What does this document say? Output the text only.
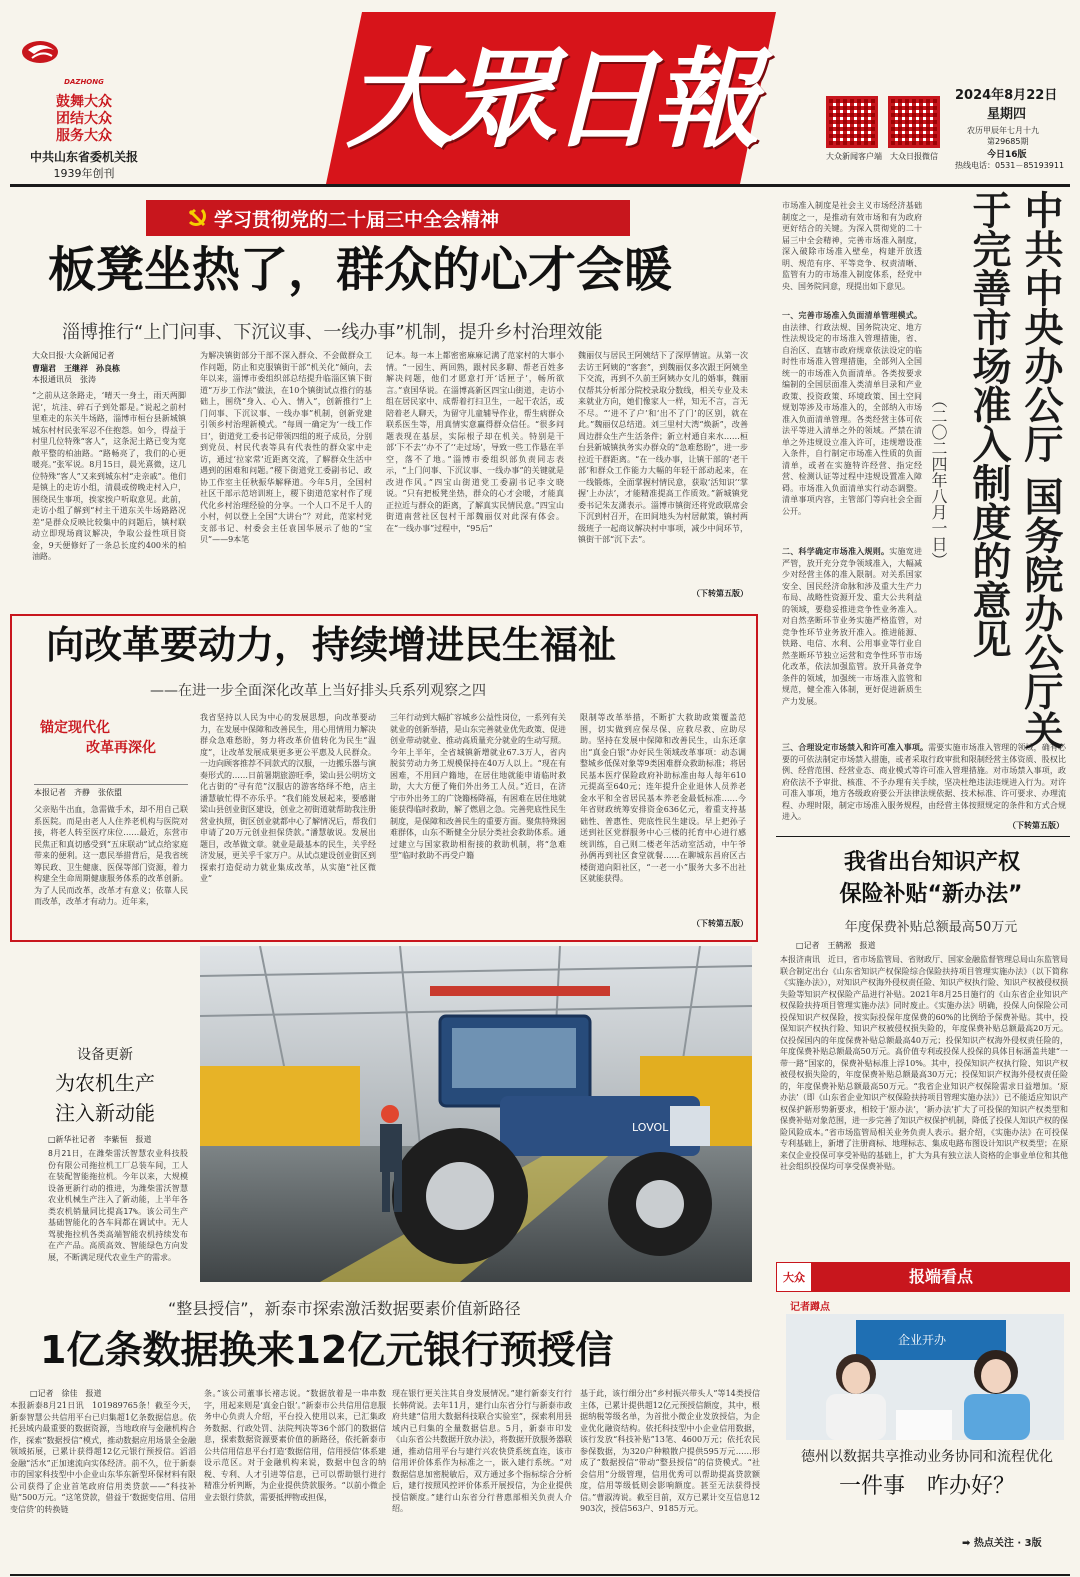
DAZHONG
鼓舞大众
团结大众
服务大众
中共山东省委机关报
1939年创刊
大眾日報	大众新闻客户端 大众日报微信
2024年8月22日
星期四
农历甲辰年七月十九
第29685期
今日16版
热线电话：0531－85193911
学习贯彻党的二十届三中全会精神
板凳坐热了，群众的心才会暖
淄博推行“上门问事、下沉议事、一线办事”机制，提升乡村治理效能
大众日报·大众新闻记者
曹瑞君　王继祥　孙良栋
本报通讯员　张涛
“之前从这条路走，‘晴天一身土，雨天两脚泥’，坑洼、碎石子到处都是。”说起之前村里难走的东关牛场路，淄博市桓台县新城镇城东村村民张军忍不住抱怨。如今，得益于村里几位特殊“客人”，这条泥土路已变为宽敞平整的柏油路。“路畅亮了，我们的心更暖亮。”张军说。8月15日，晨光熹微，这几位特殊“客人”又来到城东村“走亲戚”。他们是镇上的走访小组，清晨或傍晚走村入户，围绕民生事项，挨家挨户听取意见。此前，走访小组了解到“村主干道东关牛场路路况差”是群众反映比较集中的问题后，镇村联动立即现场商议解决，争取公益性项目资金，9天便修好了一条总长度约400米的柏油路。
为解决镇街部分干部不深入群众、不会做群众工作问题，防止和克服镇街干部“机关化”倾向，去年以来，淄博市委组织部总结提升临淄区镇下街道“万步工作法”做法，在10个镇街试点推行的基础上，围绕“身入、心入、情入”，创新推行“上门问事、下沉议事、一线办事”机制，创新党建引领乡村治理新模式。“每周一确定为‘一线工作日’，街道党工委书记带领四组的班子成员，分别到党员、村民代表等具有代表性的群众家中走访，通过‘拉家常’近距离交流，了解群众生活中遇到的困难和问题。”稷下街道党工委副书记、政协工作室主任秋振华解释道。今年5月，全国村社区干部示范培训班上，稷下街道范家村作了现代化乡村治理经验的分享。一个人口不足千人的小村，何以登上全国“大讲台”？对此，范家村党支部书记、村委会主任袁国华展示了他的“宝贝”——9本笔
记本。每一本上都密密麻麻记满了范家村的大事小情。“一园生、两回熟，跟村民多聊、帮老百姓多解决问题，他们才愿意打开‘话匣子’，畅所欲言。”袁国华说。在淄博高新区四宝山街道，走访小组在居民家中、成帮着打扫卫生，一起干农活，或陪着老人聊天，为留守儿童辅导作业，帮生病群众联系医生等，用真情实意赢得群众信任。“很多问题表现在基层，实际根子却在机关。特别是干部‘下不去’‘办不了’‘走过场’，导致一些工作悬在半空，落不了地。”淄博市委组织部负责同志表示，“上门问事、下沉议事、一线办事”的关键就是改进作风。”四宝山街道党工委副书记李文晓说。“只有把板凳坐热，群众的心才会暖，才能真正拉近与群众的距离，了解真实民情民意。”四宝山街道南营社区包村干部魏丽仅对此深有体会。在“一线办事”过程中，“95后”
魏丽仅与居民王阿姨结下了深厚情谊。从第一次去访王阿姨的“客套”，到魏丽仅多次跟王阿姨坐下交流，再到不久前王阿姨办女儿的婚事，魏丽仅帮其分析部分院校录取分数线，相关专业及未来就业方向，她们像家人一样，知无不言，言无不尽。“‘进不了户’和‘出不了门’的区别，就在此。”魏丽仅总结道。刘三里村大湾“焕新”，改善周边群众生产生活条件；新立村通自来水……桓台县新城镇执务实办群众的“急难愁盼”，进一步拉近干群距离。“在一线办事，让镇干部的‘老干部’和群众工作能力大幅的年轻干部动起来，在一线锻炼，全面掌握村情民意，获取‘活知识’‘掌握’上办法’，才能精准提高工作质效。”新城镇党委书记朱友潇表示。淄博市镇街还将党政联席会下沉到村召开，在田间地头为村居献策，镇村两级班子一起商议解决村中事项，减少中间环节，镇街干部“沉下去”。
（下转第五版）
市场准入制度是社会主义市场经济基础制度之一，是推动有效市场和有为政府更好结合的关键。为深入贯彻党的二十届三中全会精神，完善市场准入制度，深入破除市场准入壁垒，构建开放透明、规范有序、平等竞争、权责清晰、监管有力的市场准入制度体系，经党中央、国务院同意，现提出如下意见。
一、完善市场准入负面清单管理模式。由法律、行政法规、国务院决定、地方性法规设定的市场准入管理措施，省、自治区、直辖市政府规章依法设定的临时性市场准入管理措施，全部列入全国统一的市场准入负面清单。各类按要求编制的全国层面准入类清单目录和产业政策、投资政策、环境政策、国土空间规划等涉及市场准入的，全部纳入市场准入负面清单管理。各类经营主体可依法平等进入清单之外的领域。严禁在清单之外违规设立准入许可，违规增设准入条件，自行制定市场准入性质的负面清单，或者在实施特许经营、指定经营、检测认证等过程中违规设置准入障碍。市场准入负面清单实行动态调整。清单事项内容，主管部门等向社会全面公开。
二、科学确定市场准入规则。实施宽进严管，放开充分竞争领域准入，大幅减少对经营主体的准入限制。对关系国家安全、国民经济命脉和涉及重大生产力布局、战略性资源开发、重大公共利益的领域，要稳妥推进竞争性业务准入。对自然垄断环节业务实施严格监管，对竞争性环节业务放开准入。推进能源、铁路、电信、水利、公用事业等行业自然垄断环节独立运营和竞争性环节市场化改革，依法加强监管。放开具备竞争条件的领域，加强统一市场准入监管和规范，健全准入体制，更好促进新质生产力发展。
三、合理设定市场禁入和许可准入事项。需要实施市场准入管理的领域，确有必要的可依法制定市场禁入措施，或者采取行政审批和限制经营主体资质、股权比例、经营范围、经营业态、商业模式等许可准入管理措施。对市场禁入事项，政府依法不予审批、核准、不予办理有关手续，坚决杜绝违法违规进入行为。对许可准入事项，地方各级政府要公开法律法规依据、技术标准、许可要求、办理流程、办理时限，制定市场准入服务规程，由经营主体按照规定的条件和方式合规进入。
（下转第五版）
中共中央办公厅 国务院办公厅关于完善市场准入制度的意见
（二〇二四年八月一日）
向改革要动力，持续增进民生福祉
——在进一步全面深化改革上当好排头兵系列观察之四
锚定现代化
改革再深化
本报记者　齐静　张依盟
父亲贴牛出血，急需做手术，却不用自己联系医院。而是由老人人住养老机构与医院对接，将老人转至医疗床位……最近，东营市民焦正和真切感受到“五床联动”试点给家庭带来的便利。这一惠民举措背后，是我省统筹民政、卫生健康、医保等部门资源，着力构建全生命周期健康服务体系的改革创新。为了人民而改革，改革才有意义；依靠人民而改革，改革才有动力。近年来，
我省坚持以人民为中心的发展思想，向改革要动力，在发展中保障和改善民生，用心用情用力解决群众急难愁盼，努力将改革价值转化为民生“温度”，让改革发展成果更多更公平惠及人民群众。一边向顾客推荐不同款式的汉服，一边搬乐器与演奏形式的……日前暑期旅游旺季，梁山县公明坊文化古街的“寻有范”汉服店的游客络绎不绝，店主潘慧敏忙得不亦乐乎。“我们能发展起来，要感谢梁山县创业街区建设，创业之初街道就帮助我注册营业执照，街区创业就都中心了解情况后，帮我们申请了20万元创业担保贷款。”潘慧敏说。发展出题目，改革做文章。就业是最基本的民生，关乎经济发展，更关乎千家万户。从试点建设创业街区到探索打造促动力就业集成改革，从实施“社区微业”
三年行动到大幅扩容城乡公益性岗位，一系列有关就业的创新举措，是山东完善就业优先政策、促进创业带动就业、推动高质量充分就业的生动写照。今年上半年，全省城镇新增就业67.3万人，省内脱贫劳动力务工规模保持在40万人以上。“现在有困难，不用回户籍地，在居住地就能申请临时救助，大大方便了俺们外出务工人员。”近日，在济宁市外出务工的广饶籍杨降福，有困难在居住地就能获得临时救助，解了燃眉之急。完善兜底性民生制度，是保障和改善民生的重要方面。聚焦特殊困难群体，山东不断健全分层分类社会救助体系。通过建立与国家救助相衔接的救助机制，将“急难型”临时救助不再受户籍
限制等改革举措，不断扩大救助政策覆盖范围，切实做到应保尽保、应救尽救、应助尽助。坚持在发展中保障和改善民生，山东还拿出“真金白银”办好民生领域改革事项：动态调整城乡低保对象等9类困难群众救助标准；将居民基本医疗保险政府补助标准由每人每年610元提高至640元；连年提升企业退休人员养老金水平和全省居民基本养老金最低标准……今年省财政统筹安排资金636亿元，着重支持基础性、普惠性、兜底性民生建设。早上把孙子送到社区党群服务中心三楼的托育中心进行感统训练，自己则二楼老年活动室活动，中午爷孙俩再到社区食堂就餐……在聊城东昌府区古楼街道向阳社区，“一老一小”服务大多不出社区就能获得。
（下转第五版）
我省出台知识产权
保险补贴“新办法”
年度保费补贴总额最高50万元
□记者　王鹤淞　报道
本报济南讯　近日，省市场监管局、省财政厅、国家金融监督管理总局山东监管局联合制定出台《山东省知识产权保险综合保险扶持项目管理实施办法》（以下简称《实施办法》），对知识产权海外侵权责任险、知识产权执行险、知识产权被侵权损失险等知识产权保险产品进行补贴。2021年8月25日施行的《山东省企业知识产权保险扶持项目管理实施办法》同时废止。《实施办法》明确，投保人向保险公司投保知识产权保险，按实际投保年度保费的60%的比例给予保费补贴。其中，投保知识产权执行险、知识产权被侵权损失险的，年度保费补贴总额最高20万元。仅投保国内的年度保费补贴总额最高40万元；投保知识产权海外侵权责任险的，年度保费补贴总额最高50万元。高价值专利或投保人投保的具体目标涵盖共建“一带一路”国家的，保费补贴标准上浮10%。其中，投保知识产权执行险、知识产权被侵权损失险的，年度保费补贴总额最高30万元；投保知识产权海外侵权责任险的，年度保费补贴总额最高50万元。“我省企业知识产权保险需求日益增加。‘原办法’（即《山东省企业知识产权保险扶持项目管理实施办法》）已不能适应知识产权保护新形势新要求，相较于‘原办法’，‘新办法’扩大了可投保的知识产权类型和保费补贴对象范围，进一步完善了知识产权保护机制，降低了投保人知识产权的保险风险成本。”省市场监管局相关业务负责人表示。据介绍，《实施办法》在可投保专利基础上，新增了注册商标、地理标志、集成电路布图设计知识产权类型；在原来仅企业投保可享受补贴的基础上，扩大为具有独立法人资格的企事业单位和其他社会组织投保均可享受保费补贴。
设备更新
为农机生产
注入新动能
□新华社记者　李紫恒　报道
8月21日，在潍柴雷沃智慧农业科技股份有限公司拖拉机工厂总装车间，工人在装配智能拖拉机。今年以来，大规模设备更新行动的推进，为潍柴雷沃智慧农业机械生产注入了新动能，上半年各类农机销量同比提高17%。该公司生产基础智能化的各车间都在调试中。无人驾驶拖拉机各类高端智能农机持续发布在产产品。高质高效、智能绿色方向发展，不断满足现代农业生产的需求。
LOVOL
“整县授信”，新泰市探索激活数据要素价值新路径
1亿条数据换来12亿元银行预授信
□记者　徐佳　报道
本报新泰8月21日讯　101989765条！截至今天，新泰智慧公共信用平台已归集超1亿条数据信息。依托县域内最重要的数据资源，当地政府与金融机构合作，探索“数据授信”模式，推动数据应用场景全金融领域拓展，已累计获得超12亿元银行预授信。滔滔金融“活水”正加速流向实体经济。前不久，位于新泰市的国家科技型中小企业山东华东新型环保材料有限公司获得了企业首笔政府信用类贷款——“科技补贴”500万元。“这笔贷款，借益于‘数据变信用、信用变信贷’的转换链
条。”该公司董事长褚志说。“数据放着是一串串数字，用起来则是‘真金白银’。”新泰市公共信用信息服务中心负责人介绍，平台投入使用以来，已汇集政务数据、行政处罚、法院判决等36个部门的数据信息，探索数据资源要素价值的新路径，依托新泰市公共信用信息平台打造‘数据信用，信用授信’体系建设示范区。对于金融机构来说，数据中包含的纳税、专利、人才引进等信息，已可以帮助银行进行精准分析判断，为企业提供贷款服务。“以前小微企业去银行贷款，需要抵押物或担保，
现在银行更关注其自身发展情况。”建行新泰支行行长韩荷说。去年11月，建行山东省分行与新泰市政府共建“信用大数据科技联合实验室”，探索利用县域内已归集的全量数据信息。5月，新泰市印发《山东省公共数据开放办法》，将数据开放服务器联通，推动信用平台与建行兴农快贷系统直连，该市信用评价体系作为标准之一，嵌入建行系统。“对数据信息加密脱敏后，双方通过多个指标综合分析后，建行按照风控评价体系开展授信，为企业提供授信额度。”建行山东省分行普惠部相关负责人介绍。
基于此，该行细分出“乡村振兴带头人”等14类授信主体，已累计提供超12亿元预授信额度，其中，根据纳税等级名单，为首批小微企业发放授信，为企业优化融资结构。依托科技型中小企业信用数据，该行发放“科技补贴”13笔、4600万元；依托农民参保数据，为320户种粮散户提供595万元……形成了“数据授信”带动“整县授信”的信贷模式。“社会信用”分级管理，信用优秀可以帮助提高贷款额度，信用等级低则会影响额度。甚至无法获得授信。”曹淑涛说。截至目前，双方已累计交互信息12903次，授信563户、9185万元。
大众	报端看点
记者蹲点
企业开办
德州以数据共享推动业务协同和流程优化
一件事　咋办好？
➡ 热点关注 · 3版
